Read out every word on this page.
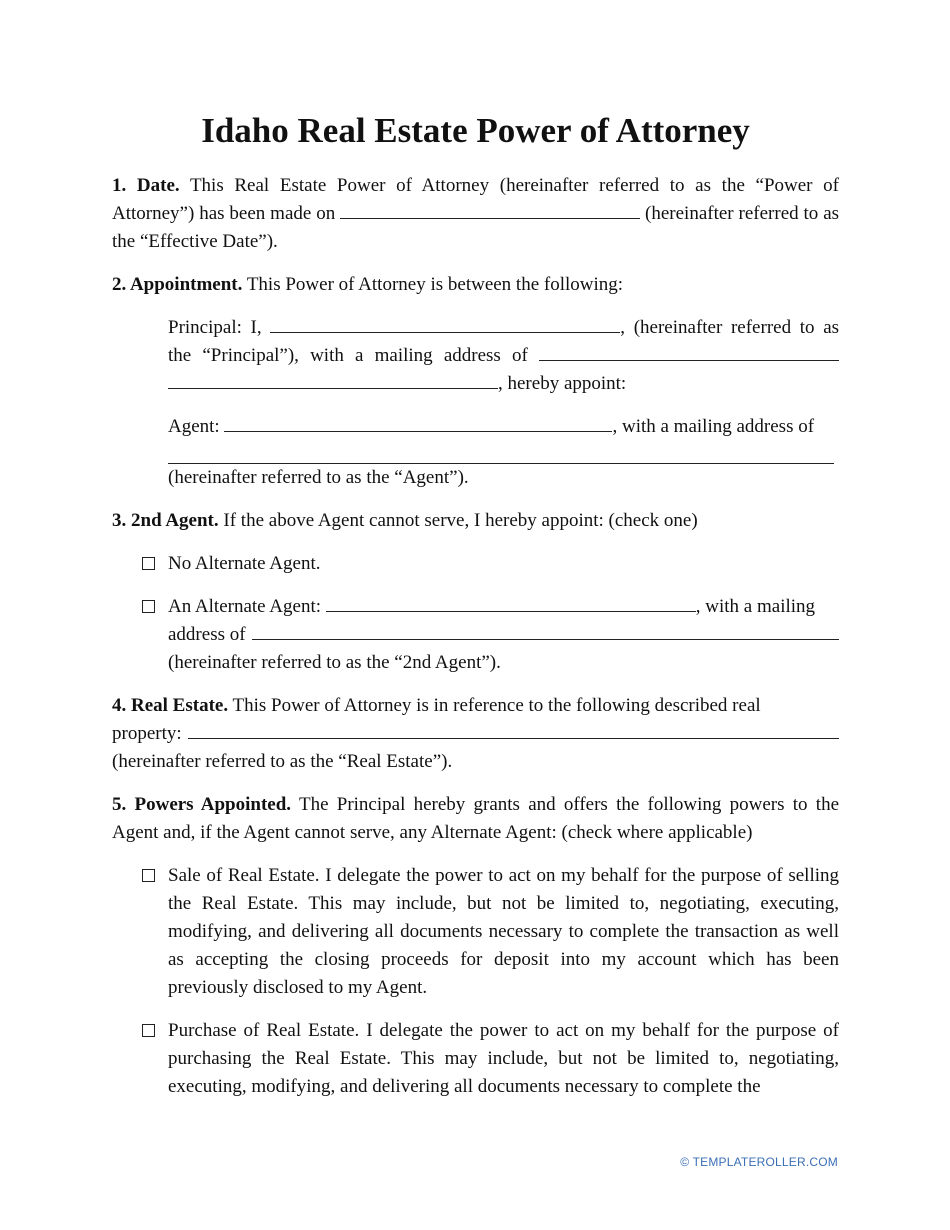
Idaho Real Estate Power of Attorney

1. Date. This Real Estate Power of Attorney (hereinafter referred to as the “Power of Attorney”) has been made on	(hereinafter referred to as the “Effective Date”).

2. Appointment. This Power of Attorney is between the following:

Principal: I,	, (hereinafter referred to as the “Principal”), with a mailing address of  , hereby appoint:

Agent:	, with a mailing address of
(hereinafter referred to as the “Agent”).

3. 2nd Agent. If the above Agent cannot serve, I hereby appoint: (check one)

No Alternate Agent.
An Alternate Agent:	, with a mailing
address of
(hereinafter referred to as the “2nd Agent”).
4. Real Estate. This Power of Attorney is in reference to the following described real
property:
(hereinafter referred to as the “Real Estate”).

5. Powers Appointed. The Principal hereby grants and offers the following powers to the Agent and, if the Agent cannot serve, any Alternate Agent: (check where applicable)

Sale of Real Estate. I delegate the power to act on my behalf for the purpose of selling the Real Estate. This may include, but not be limited to, negotiating, executing, modifying, and delivering all documents necessary to complete the transaction as well as accepting the closing proceeds for deposit into my account which has been previously disclosed to my Agent.
Purchase of Real Estate. I delegate the power to act on my behalf for the purpose of purchasing the Real Estate. This may include, but not be limited to, negotiating, executing, modifying, and delivering all documents necessary to complete the
© TEMPLATEROLLER.COM
